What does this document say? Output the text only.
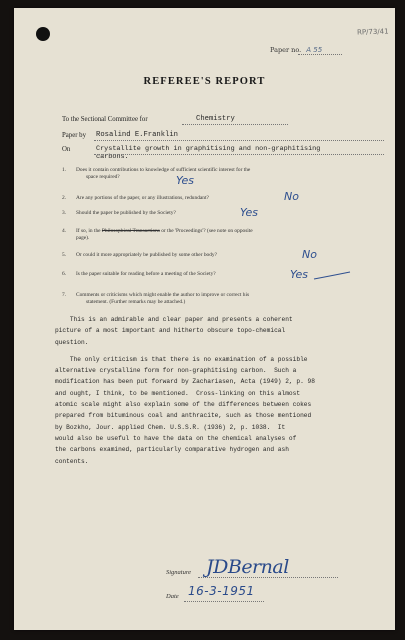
RP/73/41
Paper no. A 55
REFEREE'S REPORT
To the Sectional Committee for	Chemistry
Paper by Rosalind E.Franklin
On	Crystallite growth in graphitising and non-graphitising
carbons.
1. Does it contain contributions to knowledge of sufficient scientific interest for the
space required?	Yes
2. Are any portions of the paper, or any illustrations, redundant?	No
3. Should the paper be published by the Society?	Yes
4. If so, in the Philosophical Transactions or the 'Proceedings'? (see note on opposite
page).
5. Or could it more appropriately be published by some other body?	No
6. Is the paper suitable for reading before a meeting of the Society?	Yes
7. Comments or criticisms which might enable the author to improve or correct his
statement. (Further remarks may be attached.)

This is an admirable and clear paper and presents a coherent

picture of a most important and hitherto obscure topo-chemical

question.

The only criticism is that there is no examination of a possible

alternative crystalline form for non-graphitising carbon.  Such a

modification has been put forward by Zachariasen, Acta (1949) 2, p. 98

and ought, I think, to be mentioned.  Cross-linking on this almost

atomic scale might also explain some of the differences between cokes

prepared from bituminous coal and anthracite, such as those mentioned

by Bozkho, Jour. applied Chem. U.S.S.R. (1936) 2, p. 1038.  It

would also be useful to have the data on the chemical analyses of

the carbons examined, particularly comparative hydrogen and ash

contents.

Signature JDBernal
Date 16-3-1951
